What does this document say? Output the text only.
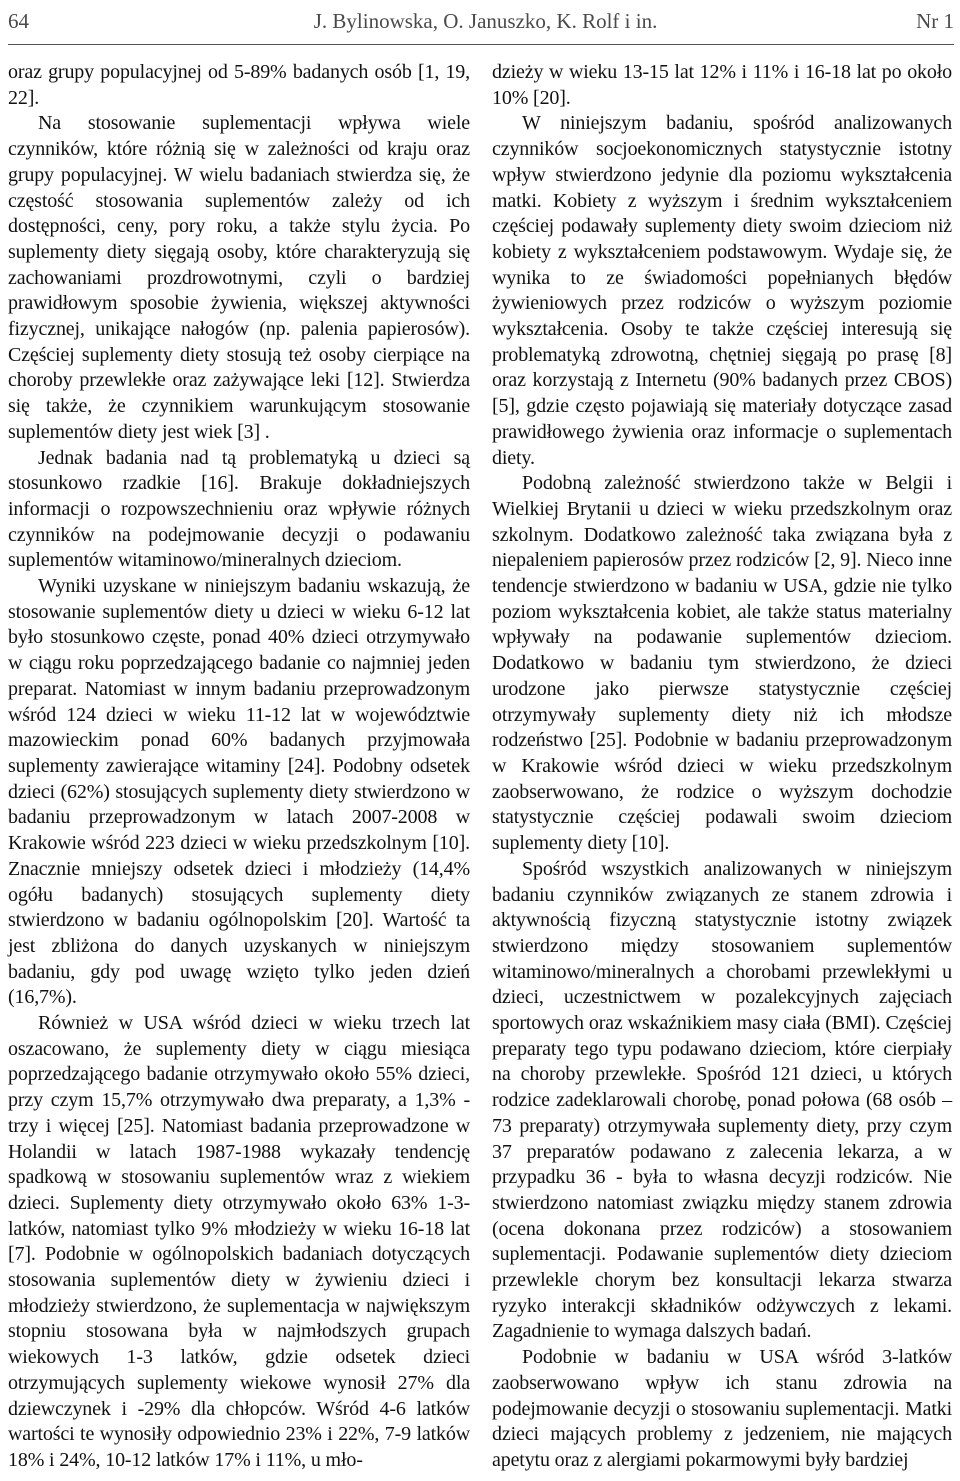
64	J. Bylinowska, O. Januszko, K. Rolf i in.	Nr 1

oraz grupy populacyjnej od 5-89% badanych osób [1, 19, 22].

Na stosowanie suplementacji wpływa wiele czynników, które różnią się w zależności od kraju oraz grupy populacyjnej. W wielu badaniach stwierdza się, że częstość stosowania suplementów zależy od ich dostępności, ceny, pory roku, a także stylu życia. Po suplementy diety sięgają osoby, które charakteryzują się zachowaniami prozdrowotnymi, czyli o bardziej prawidłowym sposobie żywienia, większej aktywności fizycznej, unikające nałogów (np. palenia papierosów). Częściej suplementy diety stosują też osoby cierpiące na choroby przewlekłe oraz zażywające leki [12]. Stwierdza się także, że czynnikiem warunkującym stosowanie suplementów diety jest wiek [3] .

Jednak badania nad tą problematyką u dzieci są stosunkowo rzadkie [16]. Brakuje dokładniejszych informacji o rozpowszechnieniu oraz wpływie różnych czynników na podejmowanie decyzji o podawaniu suplementów witaminowo/mineralnych dzieciom.

Wyniki uzyskane w niniejszym badaniu wskazują, że stosowanie suplementów diety u dzieci w wieku 6-12 lat było stosunkowo częste, ponad 40% dzieci otrzymywało w ciągu roku poprzedzającego badanie co najmniej jeden preparat. Natomiast w innym badaniu przeprowadzonym wśród 124 dzieci w wieku 11-12 lat w województwie mazowieckim ponad 60% badanych przyjmowała suplementy zawierające witaminy [24]. Podobny odsetek dzieci (62%) stosujących suplementy diety stwierdzono w badaniu przeprowadzonym w latach 2007-2008 w Krakowie wśród 223 dzieci w wieku przedszkolnym [10]. Znacznie mniejszy odsetek dzieci i młodzieży (14,4% ogółu badanych) stosujących suplementy diety stwierdzono w badaniu ogólnopolskim [20]. Wartość ta jest zbliżona do danych uzyskanych w niniejszym badaniu, gdy pod uwagę wzięto tylko jeden dzień (16,7%).

Również w USA wśród dzieci w wieku trzech lat oszacowano, że suplementy diety w ciągu miesiąca poprzedzającego badanie otrzymywało około 55% dzieci, przy czym 15,7% otrzymywało dwa preparaty, a 1,3% - trzy i więcej [25]. Natomiast badania przeprowadzone w Holandii w latach 1987-1988 wykazały tendencję spadkową w stosowaniu suplementów wraz z wiekiem dzieci. Suplementy diety otrzymywało około 63% 1-3-latków, natomiast tylko 9% młodzieży w wieku 16-18 lat [7]. Podobnie w ogólnopolskich badaniach dotyczących stosowania suplementów diety w żywieniu dzieci i młodzieży stwierdzono, że suplementacja w największym stopniu stosowana była w najmłodszych grupach wiekowych 1-3 latków, gdzie odsetek dzieci otrzymujących suplementy wiekowe wynosił 27% dla dziewczynek i -29% dla chłopców. Wśród 4-6 latków wartości te wynosiły odpowiednio 23% i 22%, 7-9 latków 18% i 24%, 10-12 latków 17% i 11%, u mło-

dzieży w wieku 13-15 lat 12% i 11% i 16-18 lat po około 10% [20].

W niniejszym badaniu, spośród analizowanych czynników socjoekonomicznych statystycznie istotny wpływ stwierdzono jedynie dla poziomu wykształcenia matki. Kobiety z wyższym i średnim wykształceniem częściej podawały suplementy diety swoim dzieciom niż kobiety z wykształceniem podstawowym. Wydaje się, że wynika to ze świadomości popełnianych błędów żywieniowych przez rodziców o wyższym poziomie wykształcenia. Osoby te także częściej interesują się problematyką zdrowotną, chętniej sięgają po prasę [8] oraz korzystają z Internetu (90% badanych przez CBOS) [5], gdzie często pojawiają się materiały dotyczące zasad prawidłowego żywienia oraz informacje o suplementach diety.

Podobną zależność stwierdzono także w Belgii i Wielkiej Brytanii u dzieci w wieku przedszkolnym oraz szkolnym. Dodatkowo zależność taka związana była z niepaleniem papierosów przez rodziców [2, 9]. Nieco inne tendencje stwierdzono w badaniu w USA, gdzie nie tylko poziom wykształcenia kobiet, ale także status materialny wpływały na podawanie suplementów dzieciom. Dodatkowo w badaniu tym stwierdzono, że dzieci urodzone jako pierwsze statystycznie częściej otrzymywały suplementy diety niż ich młodsze rodzeństwo [25]. Podobnie w badaniu przeprowadzonym w Krakowie wśród dzieci w wieku przedszkolnym zaobserwowano, że rodzice o wyższym dochodzie statystycznie częściej podawali swoim dzieciom suplementy diety [10].

Spośród wszystkich analizowanych w niniejszym badaniu czynników związanych ze stanem zdrowia i aktywnością fizyczną statystycznie istotny związek stwierdzono między stosowaniem suplementów witaminowo/mineralnych a chorobami przewlekłymi u dzieci, uczestnictwem w pozalekcyjnych zajęciach sportowych oraz wskaźnikiem masy ciała (BMI). Częściej preparaty tego typu podawano dzieciom, które cierpiały na choroby przewlekłe. Spośród 121 dzieci, u których rodzice zadeklarowali chorobę, ponad połowa (68 osób – 73 preparaty) otrzymywała suplementy diety, przy czym 37 preparatów podawano z zalecenia lekarza, a w przypadku 36 - była to własna decyzji rodziców. Nie stwierdzono natomiast związku między stanem zdrowia (ocena dokonana przez rodziców) a stosowaniem suplementacji. Podawanie suplementów diety dzieciom przewlekle chorym bez konsultacji lekarza stwarza ryzyko interakcji składników odżywczych z lekami. Zagadnienie to wymaga dalszych badań.

Podobnie w badaniu w USA wśród 3-latków zaobserwowano wpływ ich stanu zdrowia na podejmowanie decyzji o stosowaniu suplementacji. Matki dzieci mających problemy z jedzeniem, nie mających apetytu oraz z alergiami pokarmowymi były bardziej
